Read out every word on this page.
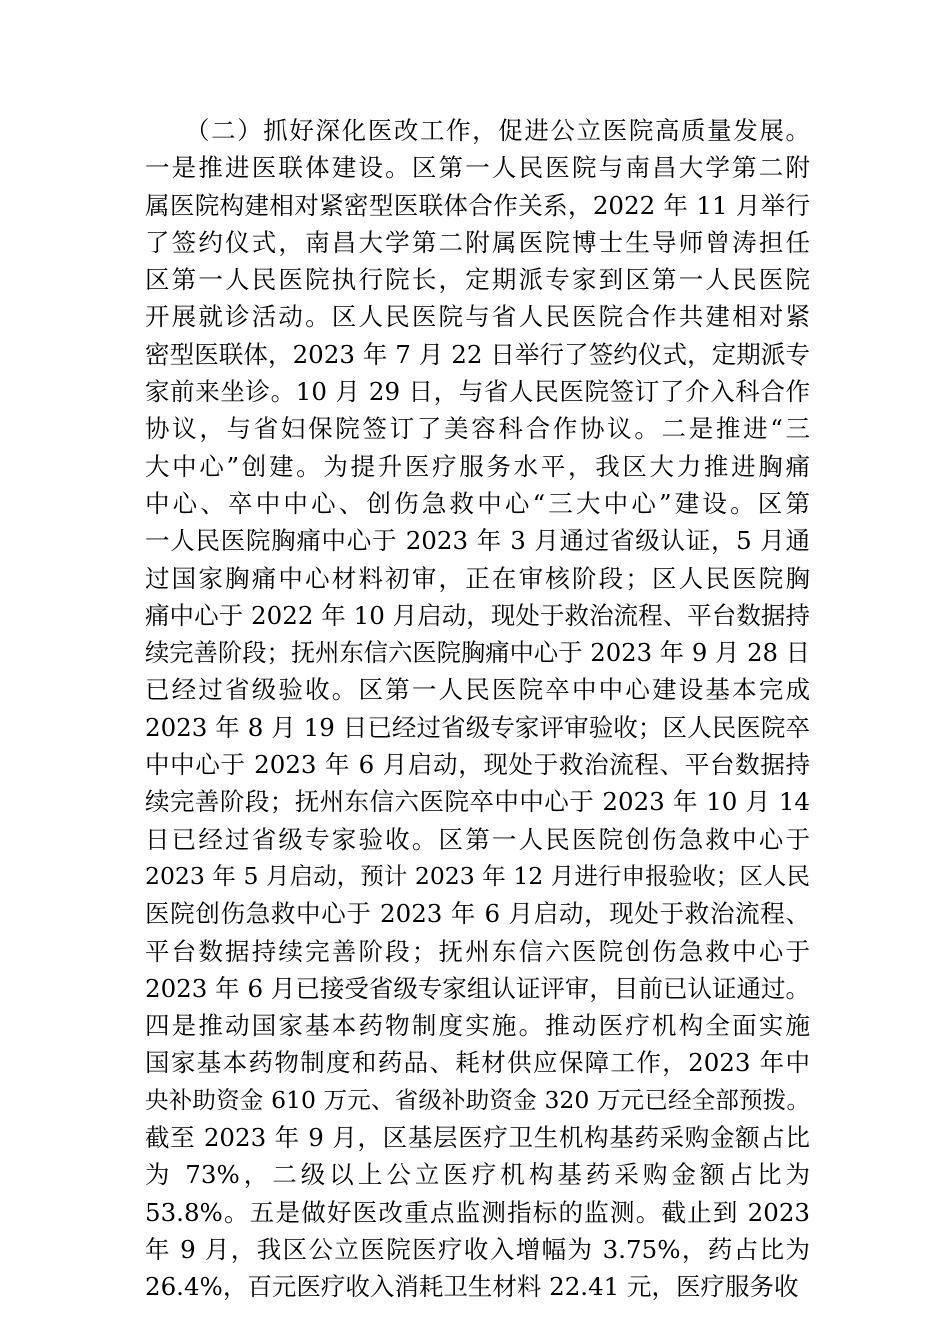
　　（二）抓好深化医改工作，促进公立医院高质量发展。
一是推进医联体建设。区第一人民医院与南昌大学第二附
属医院构建相对紧密型医联体合作关系，2022 年 11 月举行
了签约仪式，南昌大学第二附属医院博士生导师曾涛担任
区第一人民医院执行院长，定期派专家到区第一人民医院
开展就诊活动。区人民医院与省人民医院合作共建相对紧
密型医联体，2023 年 7 月 22 日举行了签约仪式，定期派专
家前来坐诊。10 月 29 日，与省人民医院签订了介入科合作
协议，与省妇保院签订了美容科合作协议。二是推进“三
大中心”创建。为提升医疗服务水平，我区大力推进胸痛
中心、卒中中心、创伤急救中心“三大中心”建设。区第
一人民医院胸痛中心于 2023 年 3 月通过省级认证，5 月通
过国家胸痛中心材料初审，正在审核阶段；区人民医院胸
痛中心于 2022 年 10 月启动，现处于救治流程、平台数据持
续完善阶段；抚州东信六医院胸痛中心于 2023 年 9 月 28 日
已经过省级验收。区第一人民医院卒中中心建设基本完成
2023 年 8 月 19 日已经过省级专家评审验收；区人民医院卒
中中心于 2023 年 6 月启动，现处于救治流程、平台数据持
续完善阶段；抚州东信六医院卒中中心于 2023 年 10 月 14
日已经过省级专家验收。区第一人民医院创伤急救中心于
2023 年 5 月启动，预计 2023 年 12 月进行申报验收；区人民
医院创伤急救中心于 2023 年 6 月启动，现处于救治流程、
平台数据持续完善阶段；抚州东信六医院创伤急救中心于
2023 年 6 月已接受省级专家组认证评审，目前已认证通过。
四是推动国家基本药物制度实施。推动医疗机构全面实施
国家基本药物制度和药品、耗材供应保障工作，2023 年中
央补助资金 610 万元、省级补助资金 320 万元已经全部预拨。
截至 2023 年 9 月，区基层医疗卫生机构基药采购金额占比
为 73%，二级以上公立医疗机构基药采购金额占比为
53.8%。五是做好医改重点监测指标的监测。截止到 2023
年 9 月，我区公立医院医疗收入增幅为 3.75%，药占比为
26.4%，百元医疗收入消耗卫生材料 22.41 元，医疗服务收
